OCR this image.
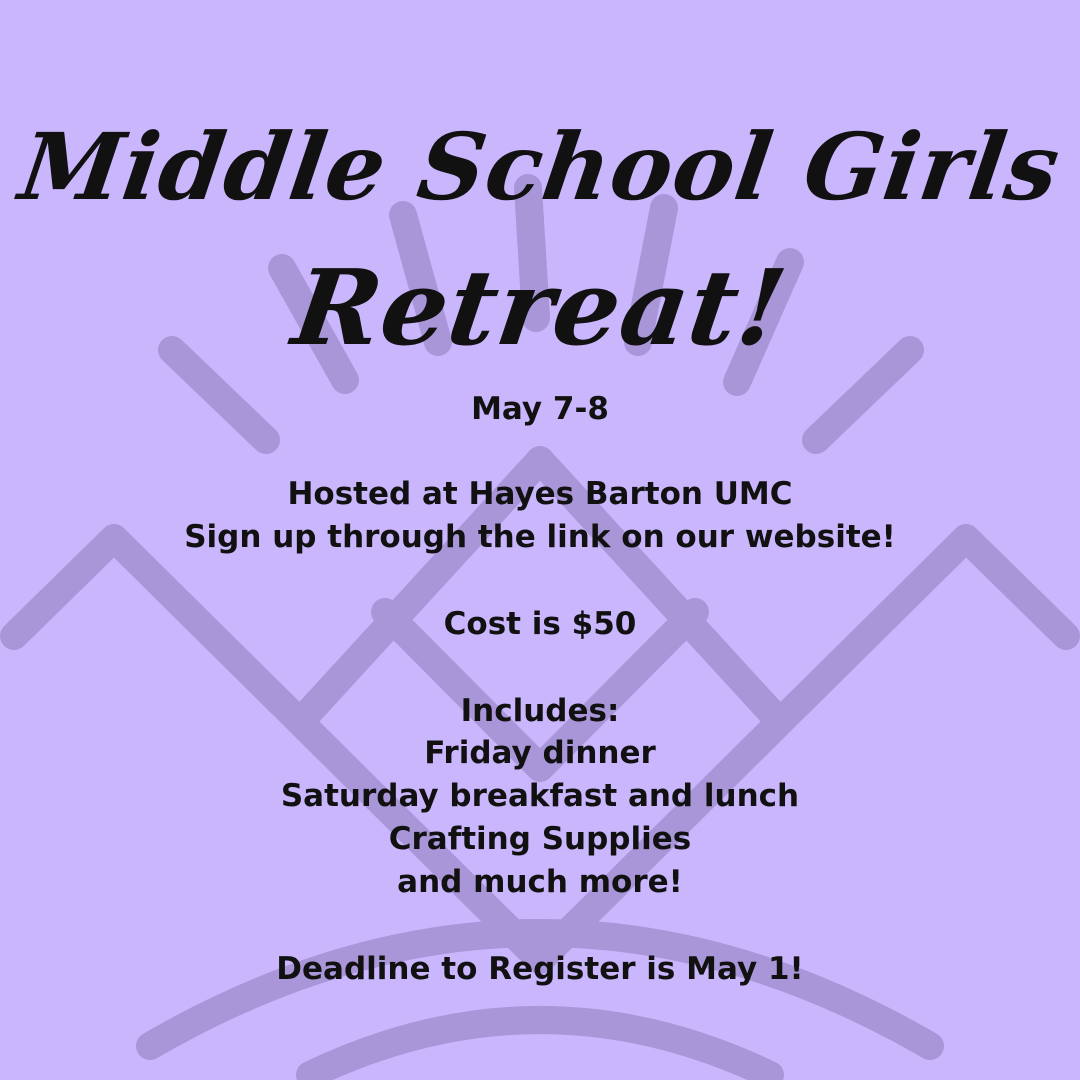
Middle School Girls
Retreat!
May 7-8
Hosted at Hayes Barton UMC
Sign up through the link on our website!
Cost is $50
Includes:
Friday dinner
Saturday breakfast and lunch
Crafting Supplies
and much more!
Deadline to Register is May 1!
